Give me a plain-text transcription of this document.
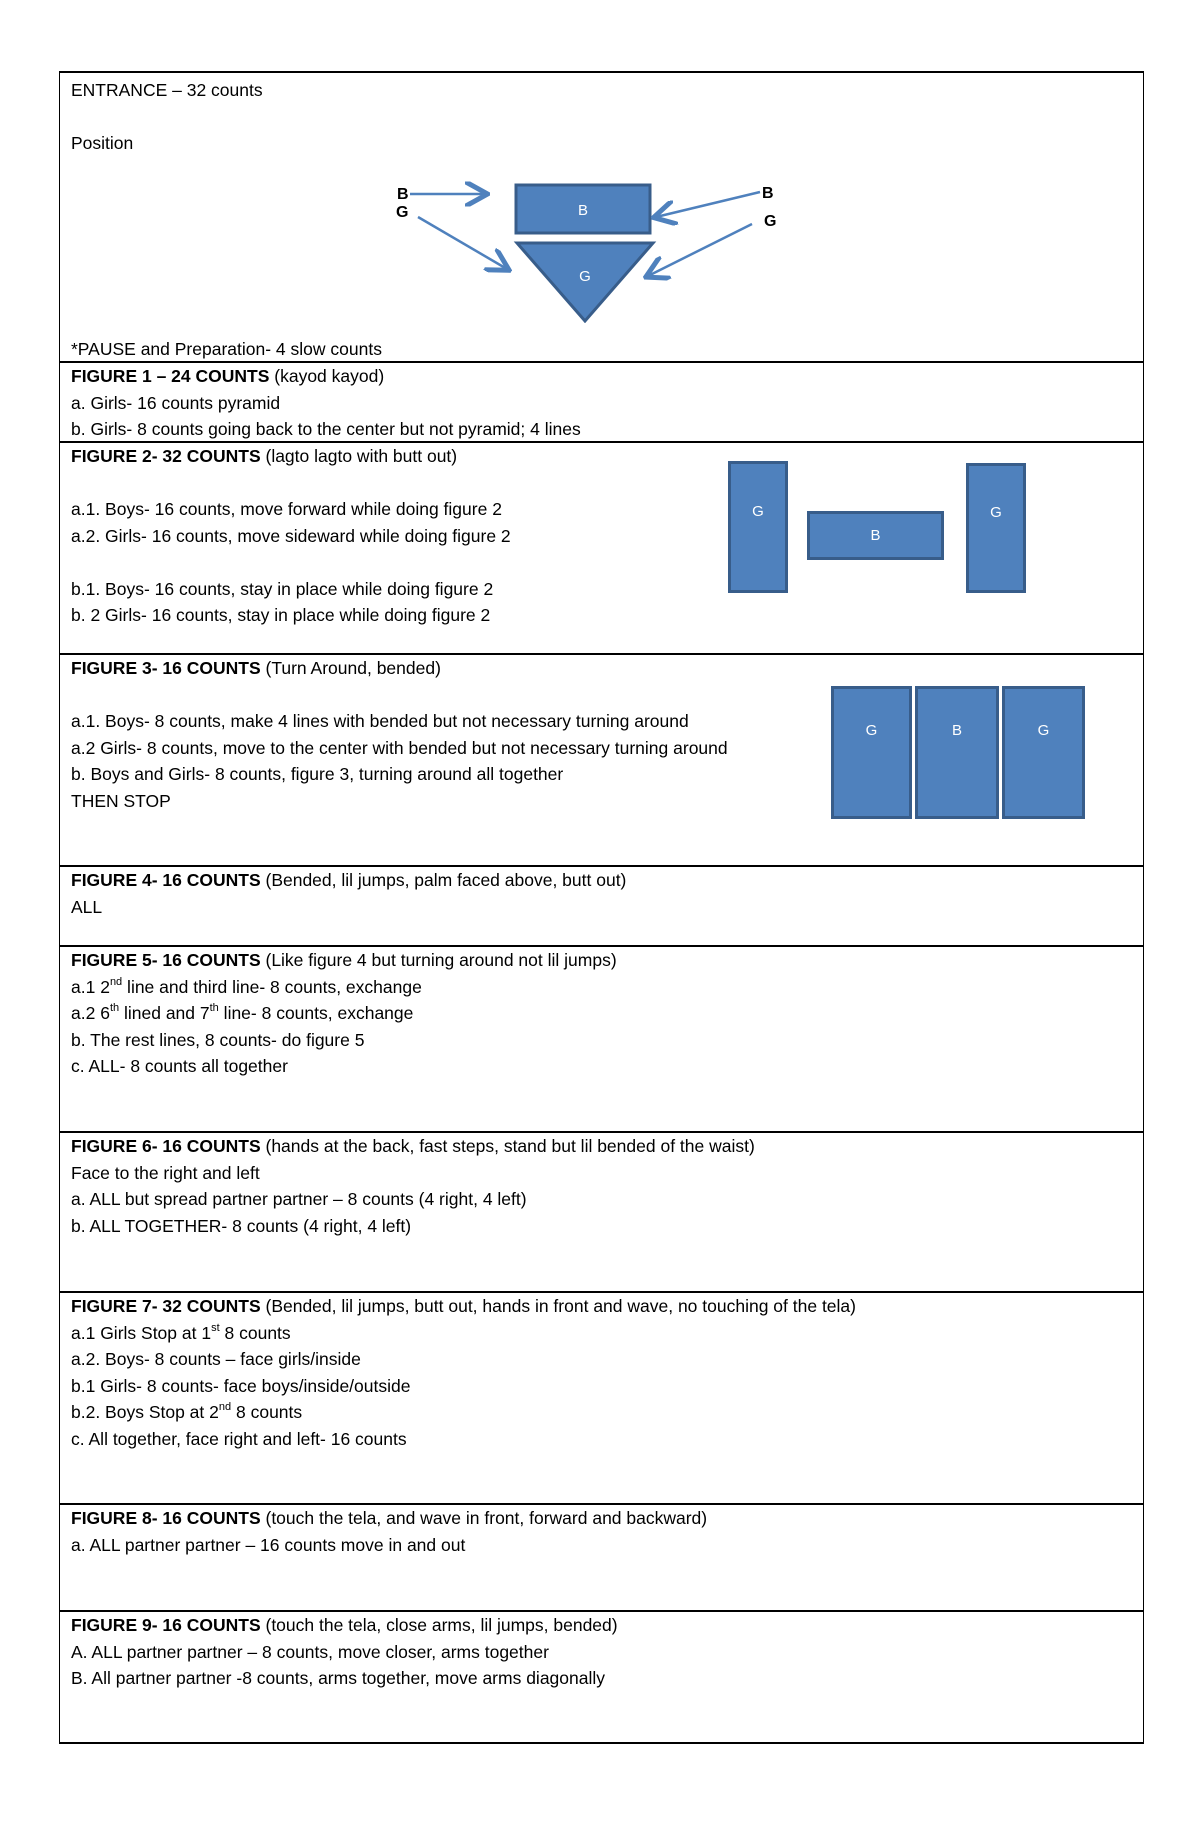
ENTRANCE – 32 counts
Position
B
G
B
G
B
G
*PAUSE and Preparation- 4 slow counts
FIGURE 1 – 24 COUNTS (kayod kayod)
a. Girls- 16 counts pyramid
b. Girls- 8 counts going back to the center but not pyramid; 4 lines
FIGURE 2- 32 COUNTS (lagto lagto with butt out)
a.1. Boys- 16 counts, move forward while doing figure 2
a.2. Girls- 16 counts, move sideward while doing figure 2
b.1. Boys- 16 counts, stay in place while doing figure 2
b. 2 Girls- 16 counts, stay in place while doing figure 2
G
B
G
FIGURE 3- 16 COUNTS (Turn Around, bended)
a.1. Boys- 8 counts, make 4 lines with bended but not necessary turning around
a.2 Girls- 8 counts, move to the center with bended but not necessary turning around
b. Boys and Girls- 8 counts, figure 3, turning around all together
THEN STOP
G	B	G
FIGURE 4- 16 COUNTS (Bended, lil jumps, palm faced above, butt out)
ALL
FIGURE 5- 16 COUNTS (Like figure 4 but turning around not lil jumps)
a.1 2nd line and third line- 8 counts, exchange
a.2 6th lined and 7th line- 8 counts, exchange
b. The rest lines, 8 counts- do figure 5
c. ALL- 8 counts all together
FIGURE 6- 16 COUNTS (hands at the back, fast steps, stand but lil bended of the waist)
Face to the right and left
a. ALL but spread partner partner – 8 counts (4 right, 4 left)
b. ALL TOGETHER- 8 counts (4 right, 4 left)
FIGURE 7- 32 COUNTS (Bended, lil jumps, butt out, hands in front and wave, no touching of the tela)
a.1 Girls Stop at 1st 8 counts
a.2. Boys- 8 counts – face girls/inside
b.1 Girls- 8 counts- face boys/inside/outside
b.2. Boys Stop at 2nd 8 counts
c. All together, face right and left- 16 counts
FIGURE 8- 16 COUNTS (touch the tela, and wave in front, forward and backward)
a. ALL partner partner – 16 counts move in and out
FIGURE 9- 16 COUNTS (touch the tela, close arms, lil jumps, bended)
A. ALL partner partner – 8 counts, move closer, arms together
B. All partner partner -8 counts, arms together, move arms diagonally
